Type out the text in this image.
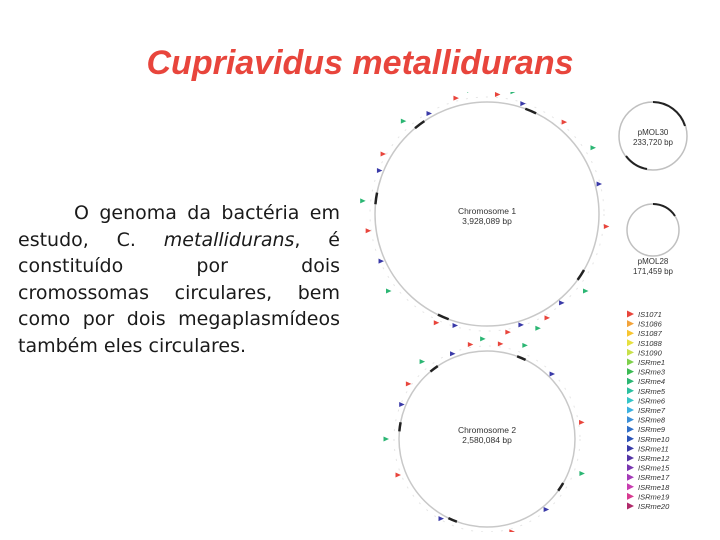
Cupriavidus metallidurans
O genoma da bactéria em estudo, C. metallidurans, é constituído por dois cromossomas circulares, bem como por dois megaplasmídeos também eles circulares.
Chromosome 1
3,928,089 bp
Chromosome 2
2,580,084 bp
pMOL30
233,720 bp
pMOL28
171,459 bp
IS1071
IS1086
IS1087
IS1088
IS1090
ISRme1
ISRme3
ISRme4
ISRme5
ISRme6
ISRme7
ISRme8
ISRme9
ISRme10
ISRme11
ISRme12
ISRme15
ISRme17
ISRme18
ISRme19
ISRme20
